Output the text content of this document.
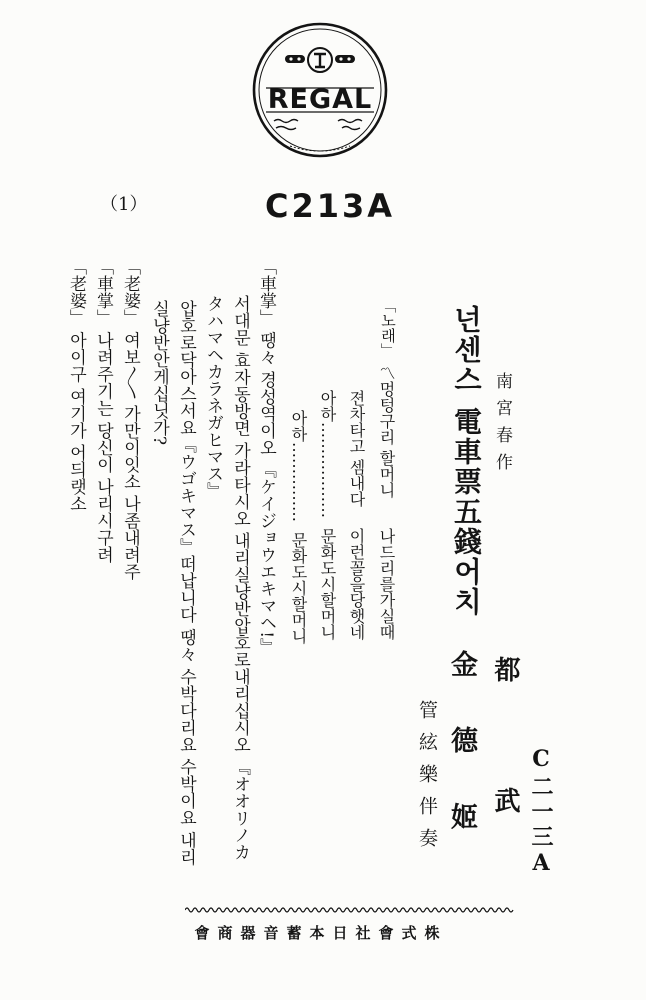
REGAL
（1）	C213A
C二一三A
南宮春作
都 武
넌센스 電車票五錢어치
金 德 姬
管絃樂伴奏
「노래」
〽멍텅구리 할머니
나드리를가실때
젼차타고 셈내다
이런꼴을당햇네
아하………………
문화도시할머니
아하……………
문화도시할머니
「車掌」 땡々 경성역이오 『ケイジョウエキマヘ!』
서대문 효자동방면 가라타시오 내리실냥반압호로내리십시오 『オオリノカ
タハマヘカラネガヒマス』
압호로닥아스서요『ウゴキマス』떠납니다 땡々 수박다리요 수박이요 내리
실냥반안게십닛가?
「老婆」 여보〱 가만이잇소 나좀내려주
「車掌」 나려주기는 당신이 나리시구려
「老婆」 아이구 여기가 어듸랫소
株式會社日本蓄音器商會
